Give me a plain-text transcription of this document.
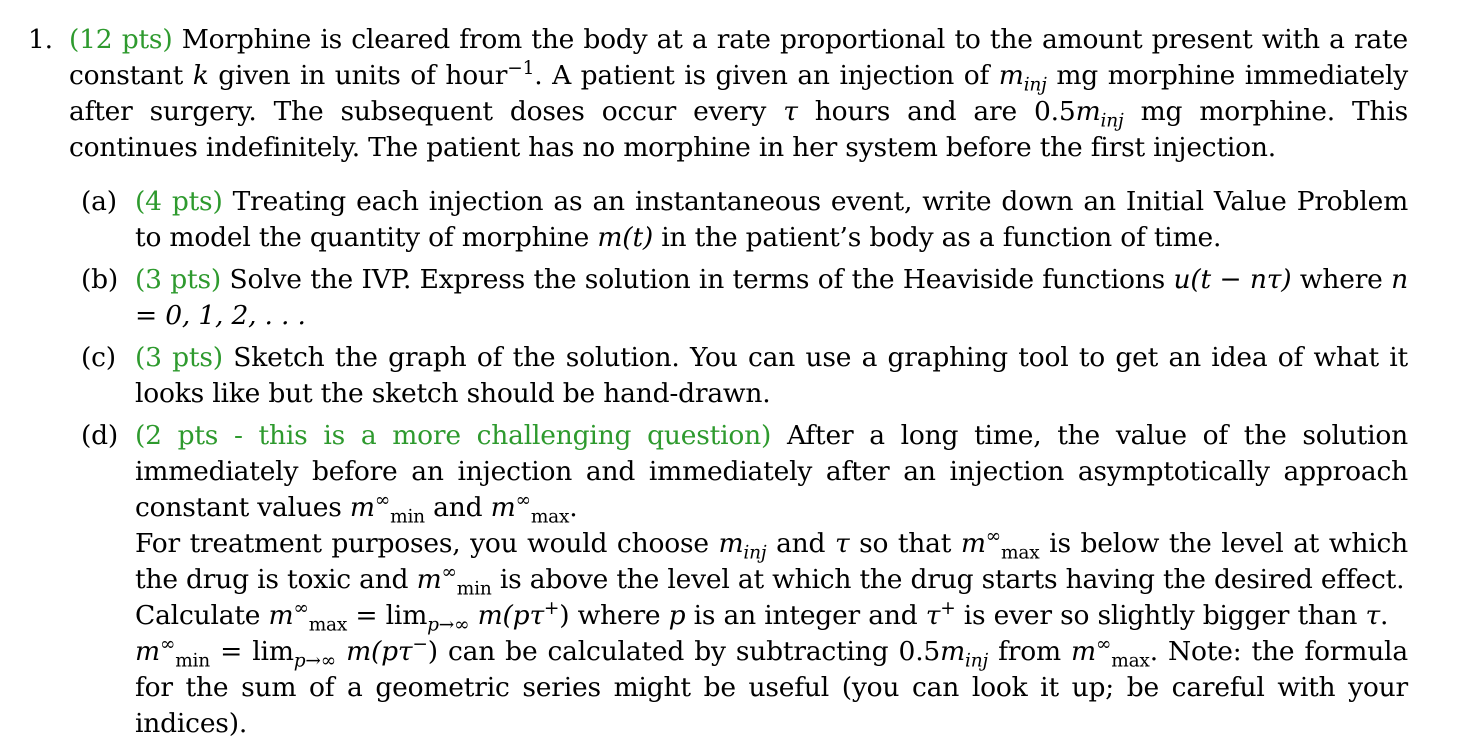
1. (12 pts) Morphine is cleared from the body at a rate proportional to the amount present with a rate constant k given in units of hour$^{-1}$. A patient is given an injection of $m_{inj}$ mg morphine immediately after surgery. The subsequent doses occur every τ hours and are $0.5m_{inj}$ mg morphine. This continues indefinitely. The patient has no morphine in her system before the first injection.
(a) (4 pts) Treating each injection as an instantaneous event, write down an Initial Value Problem to model the quantity of morphine m(t) in the patient’s body as a function of time.
(b) (3 pts) Solve the IVP. Express the solution in terms of the Heaviside functions u(t − nτ) where n = 0, 1, 2, . . .
(c) (3 pts) Sketch the graph of the solution. You can use a graphing tool to get an idea of what it looks like but the sketch should be hand-drawn.
(d) (2 pts - this is a more challenging question) After a long time, the value of the solution immediately before an injection and immediately after an injection asymptotically approach constant values $m^\infty_{min}$ and $m^\infty_{max}$.
For treatment purposes, you would choose $m_{inj}$ and τ so that $m^\infty_{max}$ is below the level at which the drug is toxic and $m^\infty_{min}$ is above the level at which the drug starts having the desired effect.
Calculate $m^\infty_{max} = \lim_{p\to\infty} m(p\tau^+)$ where p is an integer and τ+ is ever so slightly bigger than τ.
$m^\infty_{min} = \lim_{p\to\infty} m(p\tau^-)$ can be calculated by subtracting $0.5m_{inj}$ from $m^\infty_{max}$. Note: the formula for the sum of a geometric series might be useful (you can look it up; be careful with your indices).
